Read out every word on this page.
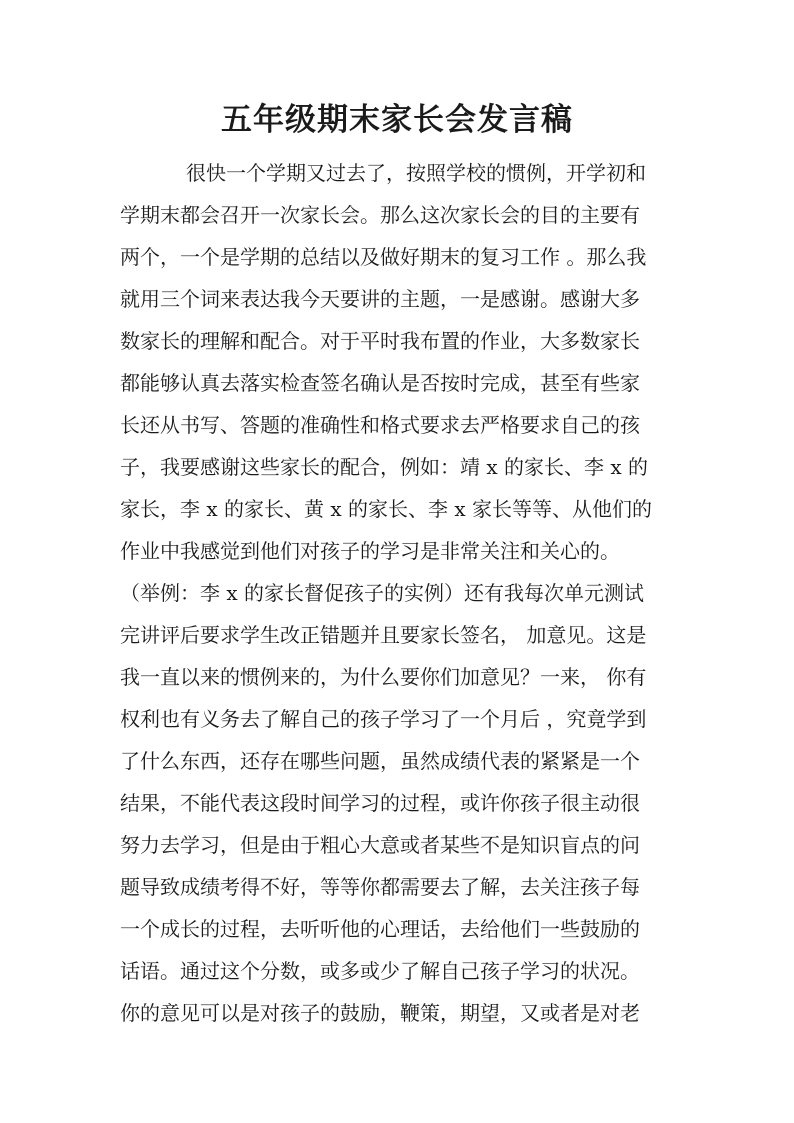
五年级期末家长会发言稿
很快一个学期又过去了，按照学校的惯例，开学初和
学期末都会召开一次家长会。那么这次家长会的目的主要有
两个，一个是学期的总结以及做好期末的复习工作 。那么我
就用三个词来表达我今天要讲的主题，一是感谢。感谢大多
数家长的理解和配合。对于平时我布置的作业，大多数家长
都能够认真去落实检查签名确认是否按时完成，甚至有些家
长还从书写、答题的准确性和格式要求去严格要求自己的孩
子，我要感谢这些家长的配合，例如：靖 x 的家长、李 x 的
家长，李 x 的家长、黄 x 的家长、李 x 家长等等、从他们的
作业中我感觉到他们对孩子的学习是非常关注和关心的。
（举例：李 x 的家长督促孩子的实例）还有我每次单元测试
完讲评后要求学生改正错题并且要家长签名， 加意见。这是
我一直以来的惯例来的，为什么要你们加意见？一来， 你有
权利也有义务去了解自己的孩子学习了一个月后 ，究竟学到
了什么东西，还存在哪些问题，虽然成绩代表的紧紧是一个
结果，不能代表这段时间学习的过程，或许你孩子很主动很
努力去学习，但是由于粗心大意或者某些不是知识盲点的问
题导致成绩考得不好，等等你都需要去了解，去关注孩子每
一个成长的过程，去听听他的心理话，去给他们一些鼓励的
话语。通过这个分数，或多或少了解自己孩子学习的状况。
你的意见可以是对孩子的鼓励，鞭策，期望，又或者是对老
